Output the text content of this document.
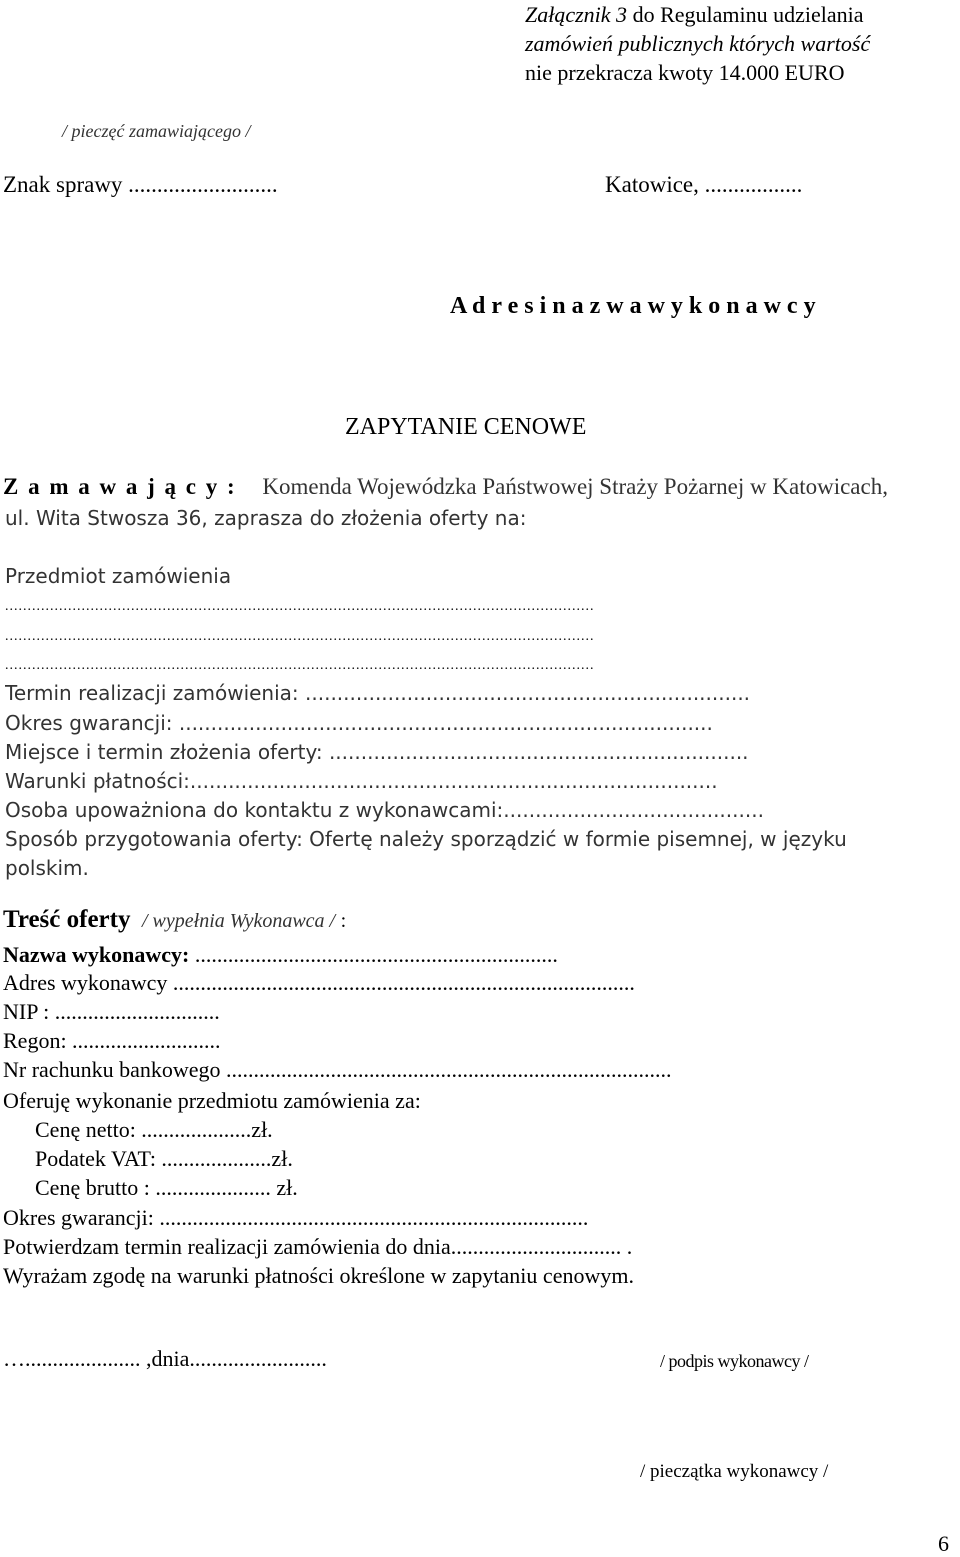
Załącznik 3 do Regulaminu udzielania
zamówień publicznych których wartość
nie przekracza kwoty 14.000 EURO
/ pieczęć zamawiającego /
Znak sprawy ..........................	Katowice, .................
A d r e s i n a z w a w y k o n a w c y
ZAPYTANIE CENOWE
Z a m a w a j ą c y : Komenda Wojewódzka Państwowej Straży Pożarnej w Katowicach,
ul. Wita Stwosza 36, zaprasza do złożenia oferty na:
Przedmiot zamówienia
...................................................................................................................................
...................................................................................................................................
...................................................................................................................................
Termin realizacji zamówienia: ......................................................................
Okres gwarancji: ....................................................................................
Miejsce i termin złożenia oferty: ..................................................................
Warunki płatności:...................................................................................
Osoba upoważniona do kontaktu z wykonawcami:.........................................
Sposób przygotowania oferty: Ofertę należy sporządzić w formie pisemnej, w języku
polskim.
Treść oferty / wypełnia Wykonawca / :
Nazwa wykonawcy: ..................................................................
Adres wykonawcy ....................................................................................
NIP : ..............................
Regon: ...........................
Nr rachunku bankowego .................................................................................
Oferuję wykonanie przedmiotu zamówienia za:
Cenę netto: ....................zł.
Podatek VAT: ....................zł.
Cenę brutto : ..................... zł.
Okres gwarancji: ..............................................................................
Potwierdzam termin realizacji zamówienia do dnia............................... .
Wyrażam zgodę na warunki płatności określone w zapytaniu cenowym.
…..................... ,dnia.........................	/ podpis wykonawcy /
/ pieczątka wykonawcy /
6
